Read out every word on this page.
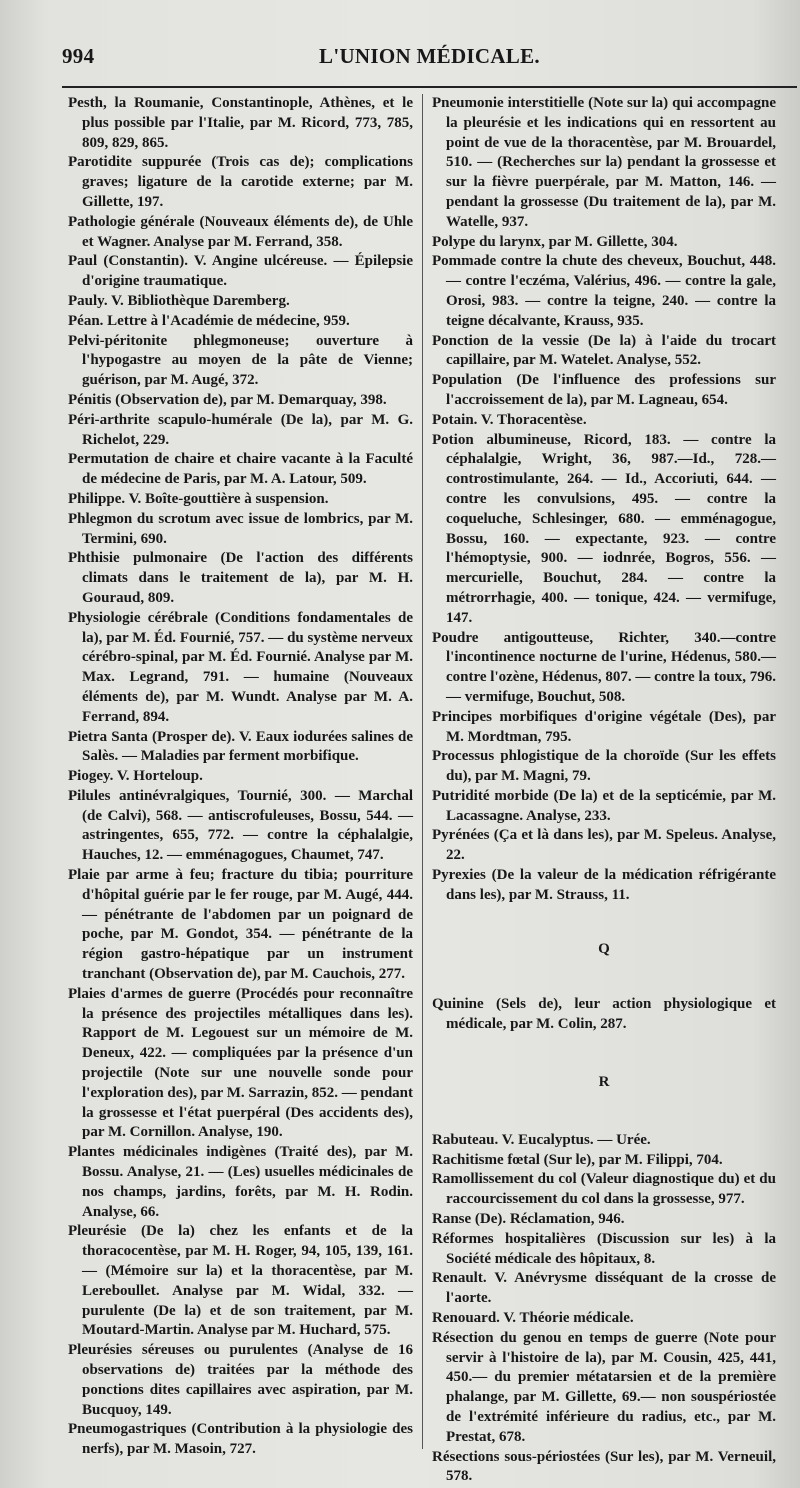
994	L'UNION MÉDICALE.

Pesth, la Roumanie, Constantinople, Athènes, et le plus possible par l'Italie, par M. Ricord, 773, 785, 809, 829, 865.

Parotidite suppurée (Trois cas de); complications graves; ligature de la carotide externe; par M. Gillette, 197.

Pathologie générale (Nouveaux éléments de), de Uhle et Wagner. Analyse par M. Ferrand, 358.

Paul (Constantin). V. Angine ulcéreuse. — Épilepsie d'origine traumatique.

Pauly. V. Bibliothèque Daremberg.

Péan. Lettre à l'Académie de médecine, 959.

Pelvi-péritonite phlegmoneuse; ouverture à l'hypogastre au moyen de la pâte de Vienne; guérison, par M. Augé, 372.

Pénitis (Observation de), par M. Demarquay, 398.

Péri-arthrite scapulo-humérale (De la), par M. G. Richelot, 229.

Permutation de chaire et chaire vacante à la Faculté de médecine de Paris, par M. A. Latour, 509.

Philippe. V. Boîte-gouttière à suspension.

Phlegmon du scrotum avec issue de lombrics, par M. Termini, 690.

Phthisie pulmonaire (De l'action des différents climats dans le traitement de la), par M. H. Gouraud, 809.

Physiologie cérébrale (Conditions fondamentales de la), par M. Éd. Fournié, 757. — du système nerveux cérébro-spinal, par M. Éd. Fournié. Analyse par M. Max. Legrand, 791. — humaine (Nouveaux éléments de), par M. Wundt. Analyse par M. A. Ferrand, 894.

Pietra Santa (Prosper de). V. Eaux iodurées salines de Salès. — Maladies par ferment morbifique.

Piogey. V. Horteloup.

Pilules antinévralgiques, Tournié, 300. — Marchal (de Calvi), 568. — antiscrofuleuses, Bossu, 544. — astringentes, 655, 772. — contre la céphalalgie, Hauches, 12. — emménagogues, Chaumet, 747.

Plaie par arme à feu; fracture du tibia; pourriture d'hôpital guérie par le fer rouge, par M. Augé, 444. — pénétrante de l'abdomen par un poignard de poche, par M. Gondot, 354. — pénétrante de la région gastro-hépatique par un instrument tranchant (Observation de), par M. Cauchois, 277.

Plaies d'armes de guerre (Procédés pour reconnaître la présence des projectiles métalliques dans les). Rapport de M. Legouest sur un mémoire de M. Deneux, 422. — compliquées par la présence d'un projectile (Note sur une nouvelle sonde pour l'exploration des), par M. Sarrazin, 852. — pendant la grossesse et l'état puerpéral (Des accidents des), par M. Cornillon. Analyse, 190.

Plantes médicinales indigènes (Traité des), par M. Bossu. Analyse, 21. — (Les) usuelles médicinales de nos champs, jardins, forêts, par M. H. Rodin. Analyse, 66.

Pleurésie (De la) chez les enfants et de la thoracocentèse, par M. H. Roger, 94, 105, 139, 161. — (Mémoire sur la) et la thoracentèse, par M. Lereboullet. Analyse par M. Widal, 332. — purulente (De la) et de son traitement, par M. Moutard-Martin. Analyse par M. Huchard, 575.

Pleurésies séreuses ou purulentes (Analyse de 16 observations de) traitées par la méthode des ponctions dites capillaires avec aspiration, par M. Bucquoy, 149.

Pneumogastriques (Contribution à la physiologie des nerfs), par M. Masoin, 727.

Pneumonie interstitielle (Note sur la) qui accompagne la pleurésie et les indications qui en ressortent au point de vue de la thoracentèse, par M. Brouardel, 510. — (Recherches sur la) pendant la grossesse et sur la fièvre puerpérale, par M. Matton, 146. — pendant la grossesse (Du traitement de la), par M. Watelle, 937.

Polype du larynx, par M. Gillette, 304.

Pommade contre la chute des cheveux, Bouchut, 448. — contre l'eczéma, Valérius, 496. — contre la gale, Orosi, 983. — contre la teigne, 240. — contre la teigne décalvante, Krauss, 935.

Ponction de la vessie (De la) à l'aide du trocart capillaire, par M. Watelet. Analyse, 552.

Population (De l'influence des professions sur l'accroissement de la), par M. Lagneau, 654.

Potain. V. Thoracentèse.

Potion albumineuse, Ricord, 183. — contre la céphalalgie, Wright, 36, 987.—Id., 728.— controstimulante, 264. — Id., Accoriuti, 644. — contre les convulsions, 495. — contre la coqueluche, Schlesinger, 680. — emménagogue, Bossu, 160. — expectante, 923. — contre l'hémoptysie, 900. — iodnrée, Bogros, 556. — mercurielle, Bouchut, 284. — contre la métrorrhagie, 400. — tonique, 424. — vermifuge, 147.

Poudre antigoutteuse, Richter, 340.—contre l'incontinence nocturne de l'urine, Hédenus, 580.—contre l'ozène, Hédenus, 807. — contre la toux, 796. — vermifuge, Bouchut, 508.

Principes morbifiques d'origine végétale (Des), par M. Mordtman, 795.

Processus phlogistique de la choroïde (Sur les effets du), par M. Magni, 79.

Putridité morbide (De la) et de la septicémie, par M. Lacassagne. Analyse, 233.

Pyrénées (Ça et là dans les), par M. Speleus. Analyse, 22.

Pyrexies (De la valeur de la médication réfrigérante dans les), par M. Strauss, 11.

Q

Quinine (Sels de), leur action physiologique et médicale, par M. Colin, 287.

R

Rabuteau. V. Eucalyptus. — Urée.

Rachitisme fœtal (Sur le), par M. Filippi, 704.

Ramollissement du col (Valeur diagnostique du) et du raccourcissement du col dans la grossesse, 977.

Ranse (De). Réclamation, 946.

Réformes hospitalières (Discussion sur les) à la Société médicale des hôpitaux, 8.

Renault. V. Anévrysme disséquant de la crosse de l'aorte.

Renouard. V. Théorie médicale.

Résection du genou en temps de guerre (Note pour servir à l'histoire de la), par M. Cousin, 425, 441, 450.— du premier métatarsien et de la première phalange, par M. Gillette, 69.— non souspériostée de l'extrémité inférieure du radius, etc., par M. Prestat, 678.

Résections sous-périostées (Sur les), par M. Verneuil, 578.
